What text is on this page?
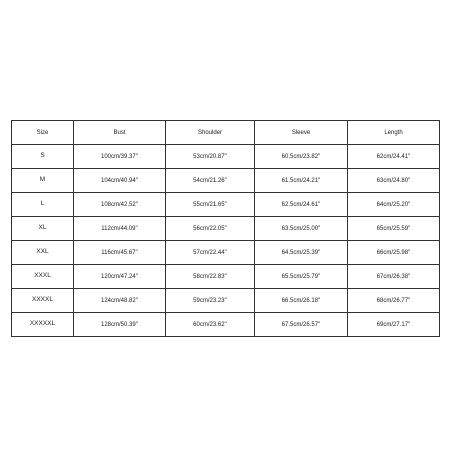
Size	Bust	Shoulder	Sleeve	Length
S	100cm/39.37''	53cm/20.87''	60.5cm/23.82''	62cm/24.41''
M	104cm/40.94''	54cm/21.26''	61.5cm/24.21''	63cm/24.80''
L	108cm/42.52''	55cm/21.65''	62.5cm/24.61''	64cm/25.20''
XL	112cm/44.09''	56cm/22.05''	63.5cm/25.00''	65cm/25.59''
XXL	116cm/45.67''	57cm/22.44''	64.5cm/25.39''	66cm/25.98''
XXXL	120cm/47.24''	58cm/22.83''	65.5cm/25.79''	67cm/26.38''
XXXXL	124cm/48.82''	59cm/23.23''	66.5cm/26.18''	68cm/26.77''
XXXXXL	128cm/50.39''	60cm/23.62''	67.5cm/26.57''	69cm/27.17''
